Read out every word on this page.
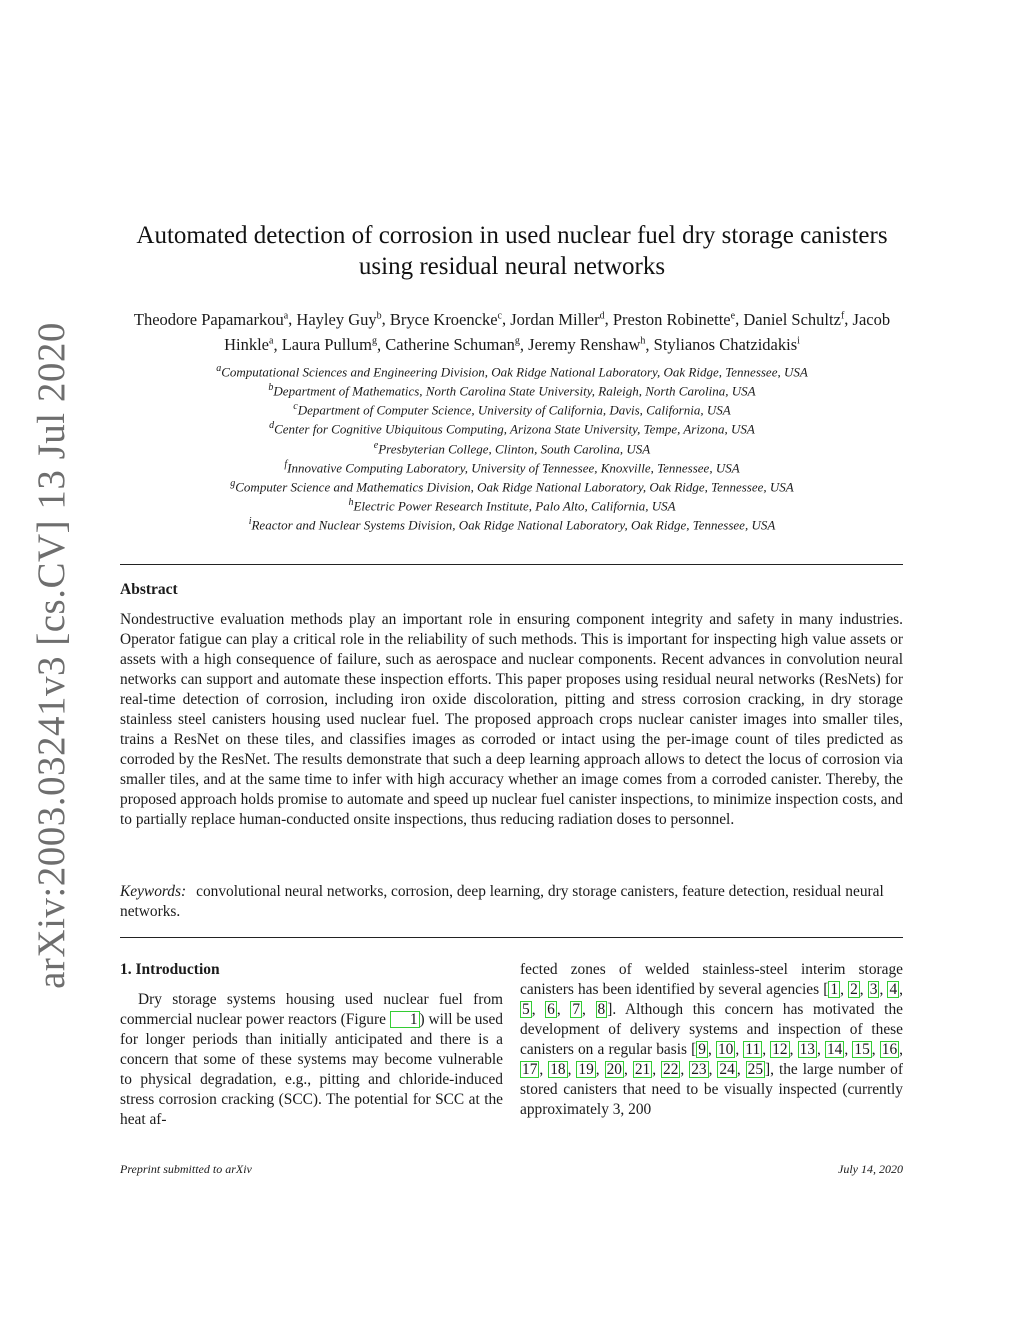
arXiv:2003.03241v3 [cs.CV] 13 Jul 2020
Automated detection of corrosion in used nuclear fuel dry storage canisters using residual neural networks
Theodore Papamarkou$^a$, Hayley Guy$^b$, Bryce Kroencke$^c$, Jordan Miller$^d$, Preston Robinette$^e$, Daniel Schultz$^f$, Jacob Hinkle$^a$, Laura Pullum$^g$, Catherine Schuman$^g$, Jeremy Renshaw$^h$, Stylianos Chatzidakis$^i$
$^a$Computational Sciences and Engineering Division, Oak Ridge National Laboratory, Oak Ridge, Tennessee, USA
$^b$Department of Mathematics, North Carolina State University, Raleigh, North Carolina, USA
$^c$Department of Computer Science, University of California, Davis, California, USA
$^d$Center for Cognitive Ubiquitous Computing, Arizona State University, Tempe, Arizona, USA
$^e$Presbyterian College, Clinton, South Carolina, USA
$^f$Innovative Computing Laboratory, University of Tennessee, Knoxville, Tennessee, USA
$^g$Computer Science and Mathematics Division, Oak Ridge National Laboratory, Oak Ridge, Tennessee, USA
$^h$Electric Power Research Institute, Palo Alto, California, USA
$^i$Reactor and Nuclear Systems Division, Oak Ridge National Laboratory, Oak Ridge, Tennessee, USA
Abstract

Nondestructive evaluation methods play an important role in ensuring component integrity and safety in many industries. Operator fatigue can play a critical role in the reliability of such methods. This is important for inspecting high value assets or assets with a high consequence of failure, such as aerospace and nuclear components. Recent advances in convolution neural networks can support and automate these inspection efforts. This paper proposes using residual neural networks (ResNets) for real-time detection of corrosion, including iron oxide discoloration, pitting and stress corrosion cracking, in dry storage stainless steel canisters housing used nuclear fuel. The proposed approach crops nuclear canister images into smaller tiles, trains a ResNet on these tiles, and classifies images as corroded or intact using the per-image count of tiles predicted as corroded by the ResNet. The results demonstrate that such a deep learning approach allows to detect the locus of corrosion via smaller tiles, and at the same time to infer with high accuracy whether an image comes from a corroded canister. Thereby, the proposed approach holds promise to automate and speed up nuclear fuel canister inspections, to minimize inspection costs, and to partially replace human-conducted onsite inspections, thus reducing radiation doses to personnel.

Keywords: convolutional neural networks, corrosion, deep learning, dry storage canisters, feature detection, residual neural networks.

1. Introduction

Dry storage systems housing used nuclear fuel from commercial nuclear power reactors (Figure 1 ) will be used for longer periods than initially anticipated and there is a concern that some of these systems may become vulnerable to physical degradation, e.g., pitting and chloride-induced stress corrosion cracking (SCC). The potential for SCC at the heat af-

fected zones of welded stainless-steel interim storage canisters has been identified by several agencies [ 1 , 2 , 3 , 4 , 5 , 6 , 7 , 8 ]. Although this concern has motivated the development of delivery systems and inspection of these canisters on a regular basis [ 9 , 10 , 11 , 12 , 13 , 14 , 15 , 16 , 17 , 18 , 19 , 20 , 21 , 22 , 23 , 24 , 25 ], the large number of stored canisters that need to be visually inspected (currently approximately 3, 200

Preprint submitted to arXiv	July 14, 2020
